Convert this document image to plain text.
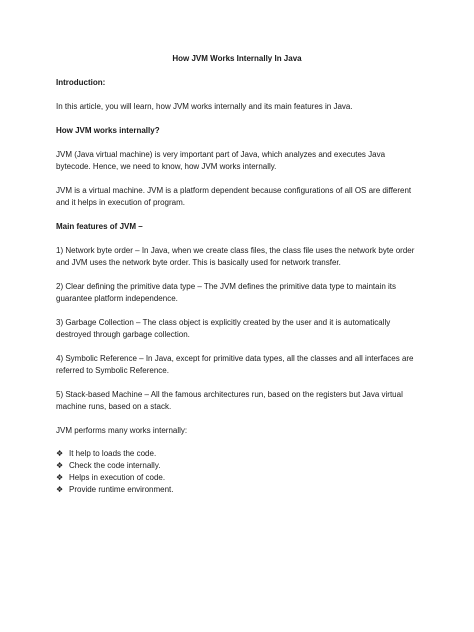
How JVM Works Internally In Java
Introduction:
In this article, you will learn, how JVM works internally and its main features in Java.
How JVM works internally?
JVM (Java virtual machine) is very important part of Java, which analyzes and executes Java bytecode. Hence, we need to know, how JVM works internally.
JVM is a virtual machine. JVM is a platform dependent because configurations of all OS are different and it helps in execution of program.
Main features of JVM –
1) Network byte order – In Java, when we create class files, the class file uses the network byte order and JVM uses the network byte order. This is basically used for network transfer.
2) Clear defining the primitive data type – The JVM defines the primitive data type to maintain its guarantee platform independence.
3) Garbage Collection – The class object is explicitly created by the user and it is automatically destroyed through garbage collection.
4) Symbolic Reference – In Java, except for primitive data types, all the classes and all interfaces are referred to Symbolic Reference.
5) Stack-based Machine – All the famous architectures run, based on the registers but Java virtual machine runs, based on a stack.
JVM performs many works internally:
❖ It help to loads the code.
❖ Check the code internally.
❖ Helps in execution of code.
❖ Provide runtime environment.
